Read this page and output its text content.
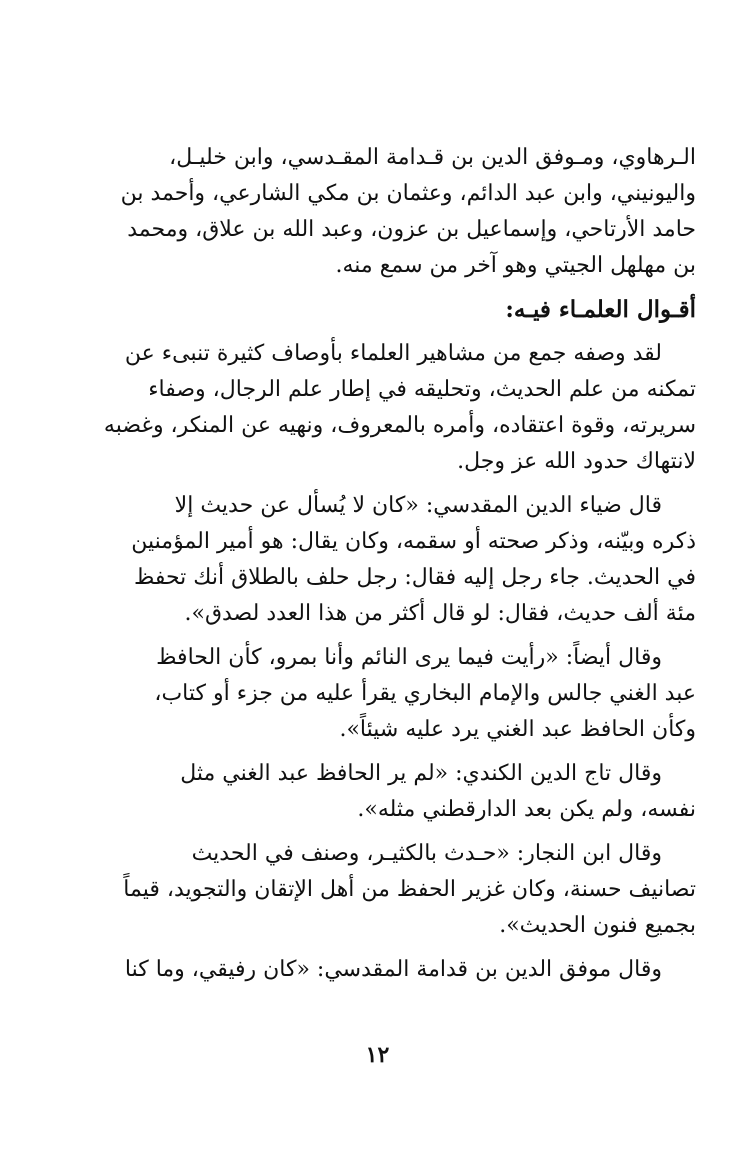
الـرهاوي، ومـوفق الدين بن قـدامة المقـدسي، وابن خليـل،
واليونيني، وابن عبد الدائم، وعثمان بن مكي الشارعي، وأحمد بن
حامد الأرتاحي، وإسماعيل بن عزون، وعبد الله بن علاق، ومحمد
بن مهلهل الجيتي وهو آخر من سمع منه.
أقـوال العلمـاء فيـه:
لقد وصفه جمع من مشاهير العلماء بأوصاف كثيرة تنبىء عن
تمكنه من علم الحديث، وتحليقه في إطار علم الرجال، وصفاء
سريرته، وقوة اعتقاده، وأمره بالمعروف، ونهيه عن المنكر، وغضبه
لانتهاك حدود الله عز وجل.
قال ضياء الدين المقدسي: «كان لا يُسأل عن حديث إلا
ذكره وبيّنه، وذكر صحته أو سقمه، وكان يقال: هو أمير المؤمنين
في الحديث. جاء رجل إليه فقال: رجل حلف بالطلاق أنك تحفظ
مئة ألف حديث، فقال: لو قال أكثر من هذا العدد لصدق».
وقال أيضاً: «رأيت فيما يرى النائم وأنا بمرو، كأن الحافظ
عبد الغني جالس والإمام البخاري يقرأ عليه من جزء أو كتاب،
وكأن الحافظ عبد الغني يرد عليه شيئاً».
وقال تاج الدين الكندي: «لم ير الحافظ عبد الغني مثل
نفسه، ولم يكن بعد الدارقطني مثله».
وقال ابن النجار: «حـدث بالكثيـر، وصنف في الحديث
تصانيف حسنة، وكان غزير الحفظ من أهل الإتقان والتجويد، قيماً
بجميع فنون الحديث».
وقال موفق الدين بن قدامة المقدسي: «كان رفيقي، وما كنا
١٢
